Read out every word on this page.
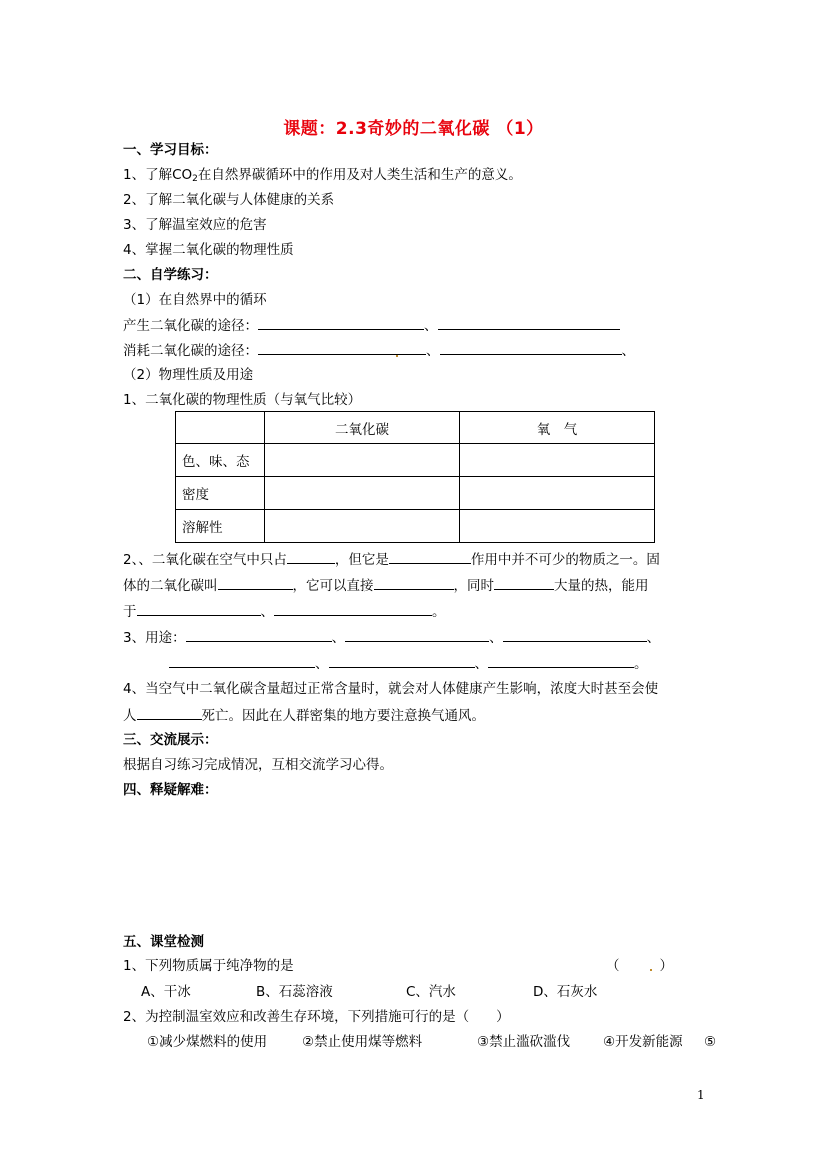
课题：2.3奇妙的二氧化碳 （1）
一、学习目标：
1、了解$CO_2$在自然界碳循环中的作用及对人类生活和生产的意义。
2、了解二氧化碳与人体健康的关系
3、了解温室效应的危害
4、掌握二氧化碳的物理性质
二、自学练习：
（1）在自然界中的循环
产生二氧化碳的途径：	、
消耗二氧化碳的途径：	、	、
（2）物理性质及用途
1、二氧化碳的物理性质（与氧气比较）
	二氧化碳	氧　气
色、味、态		
密度		
溶解性		
2、、二氧化碳在空气中只占	，但它是	作用中并不可少的物质之一。固
体的二氧化碳叫	，它可以直接	，同时	大量的热，能用
于	、	。
3、用途：	、	、	、
、	、	。
4、当空气中二氧化碳含量超过正常含量时，就会对人体健康产生影响，浓度大时甚至会使
人	死亡。因此在人群密集的地方要注意换气通风。
三、交流展示：
根据自习练习完成情况，互相交流学习心得。
四、释疑解难：
五、课堂检测
1、下列物质属于纯净物的是	（	）
A、干冰	B、石蕊溶液	C、汽水	D、石灰水
2、为控制温室效应和改善生存环境，下列措施可行的是（　　）
①减少煤燃料的使用	②禁止使用煤等燃料	③禁止滥砍滥伐 ④开发新能源 ⑤
1
